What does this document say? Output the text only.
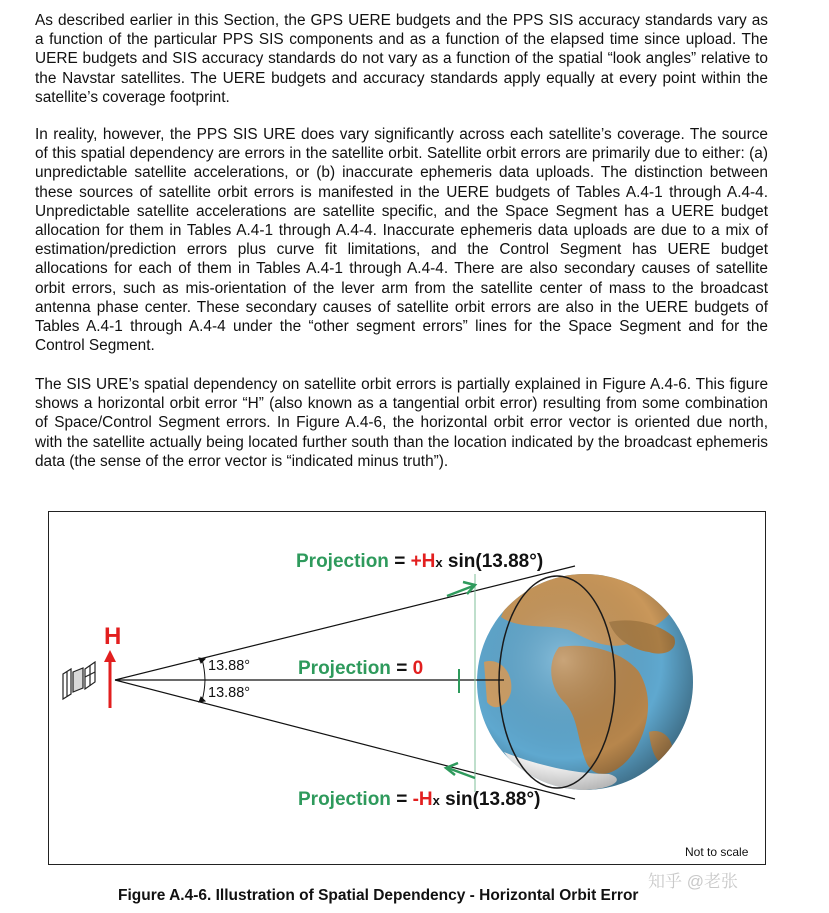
As described earlier in this Section, the GPS UERE budgets and the PPS SIS accuracy standards vary as a function of the particular PPS SIS components and as a function of the elapsed time since upload. The UERE budgets and SIS accuracy standards do not vary as a function of the spatial “look angles” relative to the Navstar satellites. The UERE budgets and accuracy standards apply equally at every point within the satellite’s coverage footprint.

In reality, however, the PPS SIS URE does vary significantly across each satellite’s coverage. The source of this spatial dependency are errors in the satellite orbit. Satellite orbit errors are primarily due to either: (a) unpredictable satellite accelerations, or (b) inaccurate ephemeris data uploads. The distinction between these sources of satellite orbit errors is manifested in the UERE budgets of Tables A.4-1 through A.4-4. Unpredictable satellite accelerations are satellite specific, and the Space Segment has a UERE budget allocation for them in Tables A.4-1 through A.4-4. Inaccurate ephemeris data uploads are due to a mix of estimation/prediction errors plus curve fit limitations, and the Control Segment has UERE budget allocations for each of them in Tables A.4-1 through A.4-4. There are also secondary causes of satellite orbit errors, such as mis-orientation of the lever arm from the satellite center of mass to the broadcast antenna phase center. These secondary causes of satellite orbit errors are also in the UERE budgets of Tables A.4-1 through A.4-4 under the “other segment errors” lines for the Space Segment and for the Control Segment.

The SIS URE’s spatial dependency on satellite orbit errors is partially explained in Figure A.4-6. This figure shows a horizontal orbit error “H” (also known as a tangential orbit error) resulting from some combination of Space/Control Segment errors. In Figure A.4-6, the horizontal orbit error vector is oriented due north, with the satellite actually being located further south than the location indicated by the broadcast ephemeris data (the sense of the error vector is “indicated minus truth”).

Projection = +Hx sin(13.88°)
Projection = 0
Projection = -Hx sin(13.88°)
13.88°
13.88°
H
Not to scale
Figure A.4-6. Illustration of Spatial Dependency - Horizontal Orbit Error
知乎 @老张
